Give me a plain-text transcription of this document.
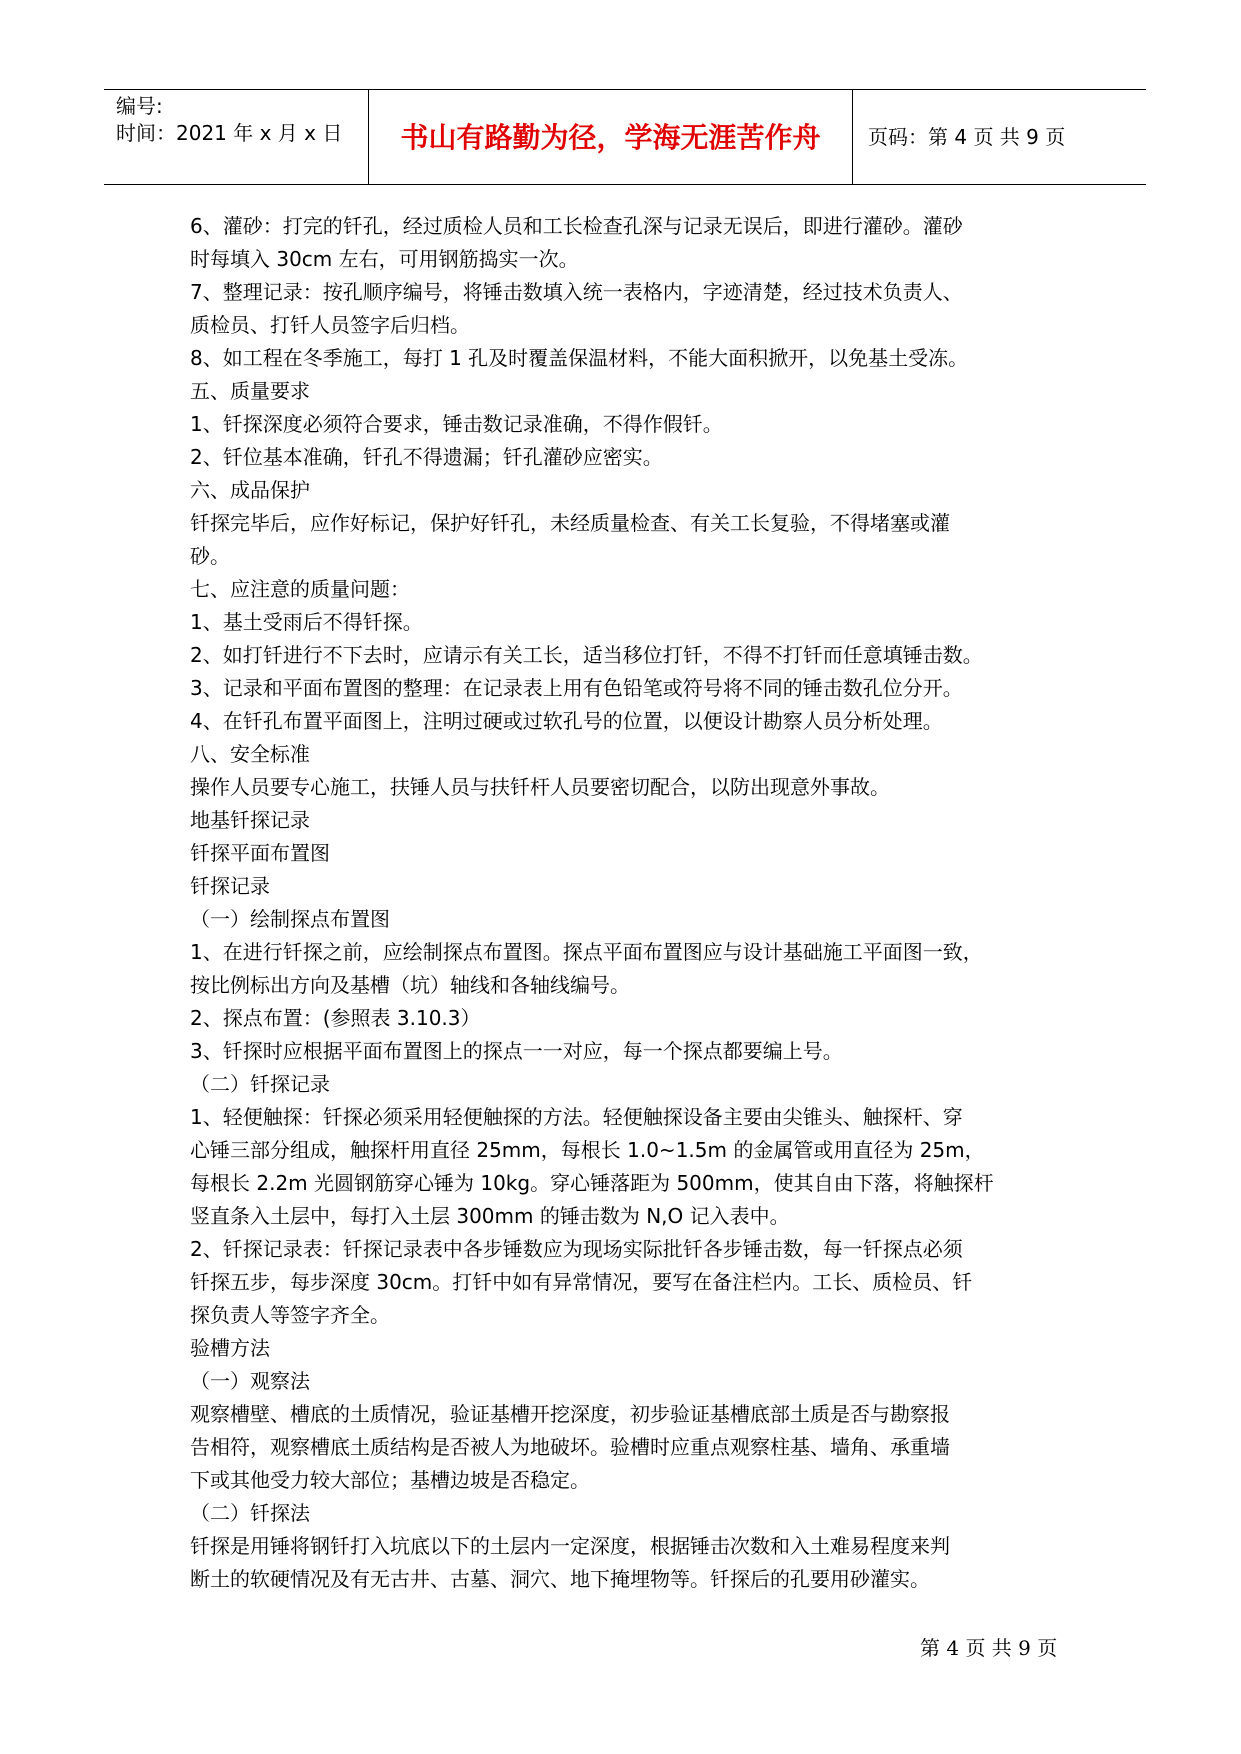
编号:
时间：2021 年 x 月 x 日	书山有路勤为径，学海无涯苦作舟	页码：第 4 页 共 9 页

6、灌砂：打完的钎孔，经过质检人员和工长检查孔深与记录无误后，即进行灌砂。灌砂

时每填入 30cm 左右，可用钢筋捣实一次。

7、整理记录：按孔顺序编号，将锤击数填入统一表格内，字迹清楚，经过技术负责人、

质检员、打钎人员签字后归档。

8、如工程在冬季施工，每打 1 孔及时覆盖保温材料，不能大面积掀开，以免基土受冻。

五、质量要求

1、钎探深度必须符合要求，锤击数记录准确，不得作假钎。

2、钎位基本准确，钎孔不得遗漏；钎孔灌砂应密实。

六、成品保护

钎探完毕后，应作好标记，保护好钎孔，未经质量检查、有关工长复验，不得堵塞或灌

砂。

七、应注意的质量问题：

1、基土受雨后不得钎探。

2、如打钎进行不下去时，应请示有关工长，适当移位打钎，不得不打钎而任意填锤击数。

3、记录和平面布置图的整理：在记录表上用有色铅笔或符号将不同的锤击数孔位分开。

4、在钎孔布置平面图上，注明过硬或过软孔号的位置，以便设计勘察人员分析处理。

八、安全标准

操作人员要专心施工，扶锤人员与扶钎杆人员要密切配合，以防出现意外事故。

地基钎探记录

钎探平面布置图

钎探记录

（一）绘制探点布置图

1、在进行钎探之前，应绘制探点布置图。探点平面布置图应与设计基础施工平面图一致，

按比例标出方向及基槽（坑）轴线和各轴线编号。

2、探点布置：(参照表 3.10.3）

3、钎探时应根据平面布置图上的探点一一对应，每一个探点都要编上号。

（二）钎探记录

1、轻便触探：钎探必须采用轻便触探的方法。轻便触探设备主要由尖锥头、触探杆、穿

心锤三部分组成，触探杆用直径 25mm，每根长 1.0~1.5m 的金属管或用直径为 25m，

每根长 2.2m 光圆钢筋穿心锤为 10kg。穿心锤落距为 500mm，使其自由下落，将触探杆

竖直条入土层中，每打入土层 300mm 的锤击数为 N,O 记入表中。

2、钎探记录表：钎探记录表中各步锤数应为现场实际批钎各步锤击数，每一钎探点必须

钎探五步，每步深度 30cm。打钎中如有异常情况，要写在备注栏内。工长、质检员、钎

探负责人等签字齐全。

验槽方法

（一）观察法

观察槽壁、槽底的土质情况，验证基槽开挖深度，初步验证基槽底部土质是否与勘察报

告相符，观察槽底土质结构是否被人为地破坏。验槽时应重点观察柱基、墙角、承重墙

下或其他受力较大部位；基槽边坡是否稳定。

（二）钎探法

钎探是用锤将钢钎打入坑底以下的土层内一定深度，根据锤击次数和入土难易程度来判

断土的软硬情况及有无古井、古墓、洞穴、地下掩埋物等。钎探后的孔要用砂灌实。

第 4 页 共 9 页
